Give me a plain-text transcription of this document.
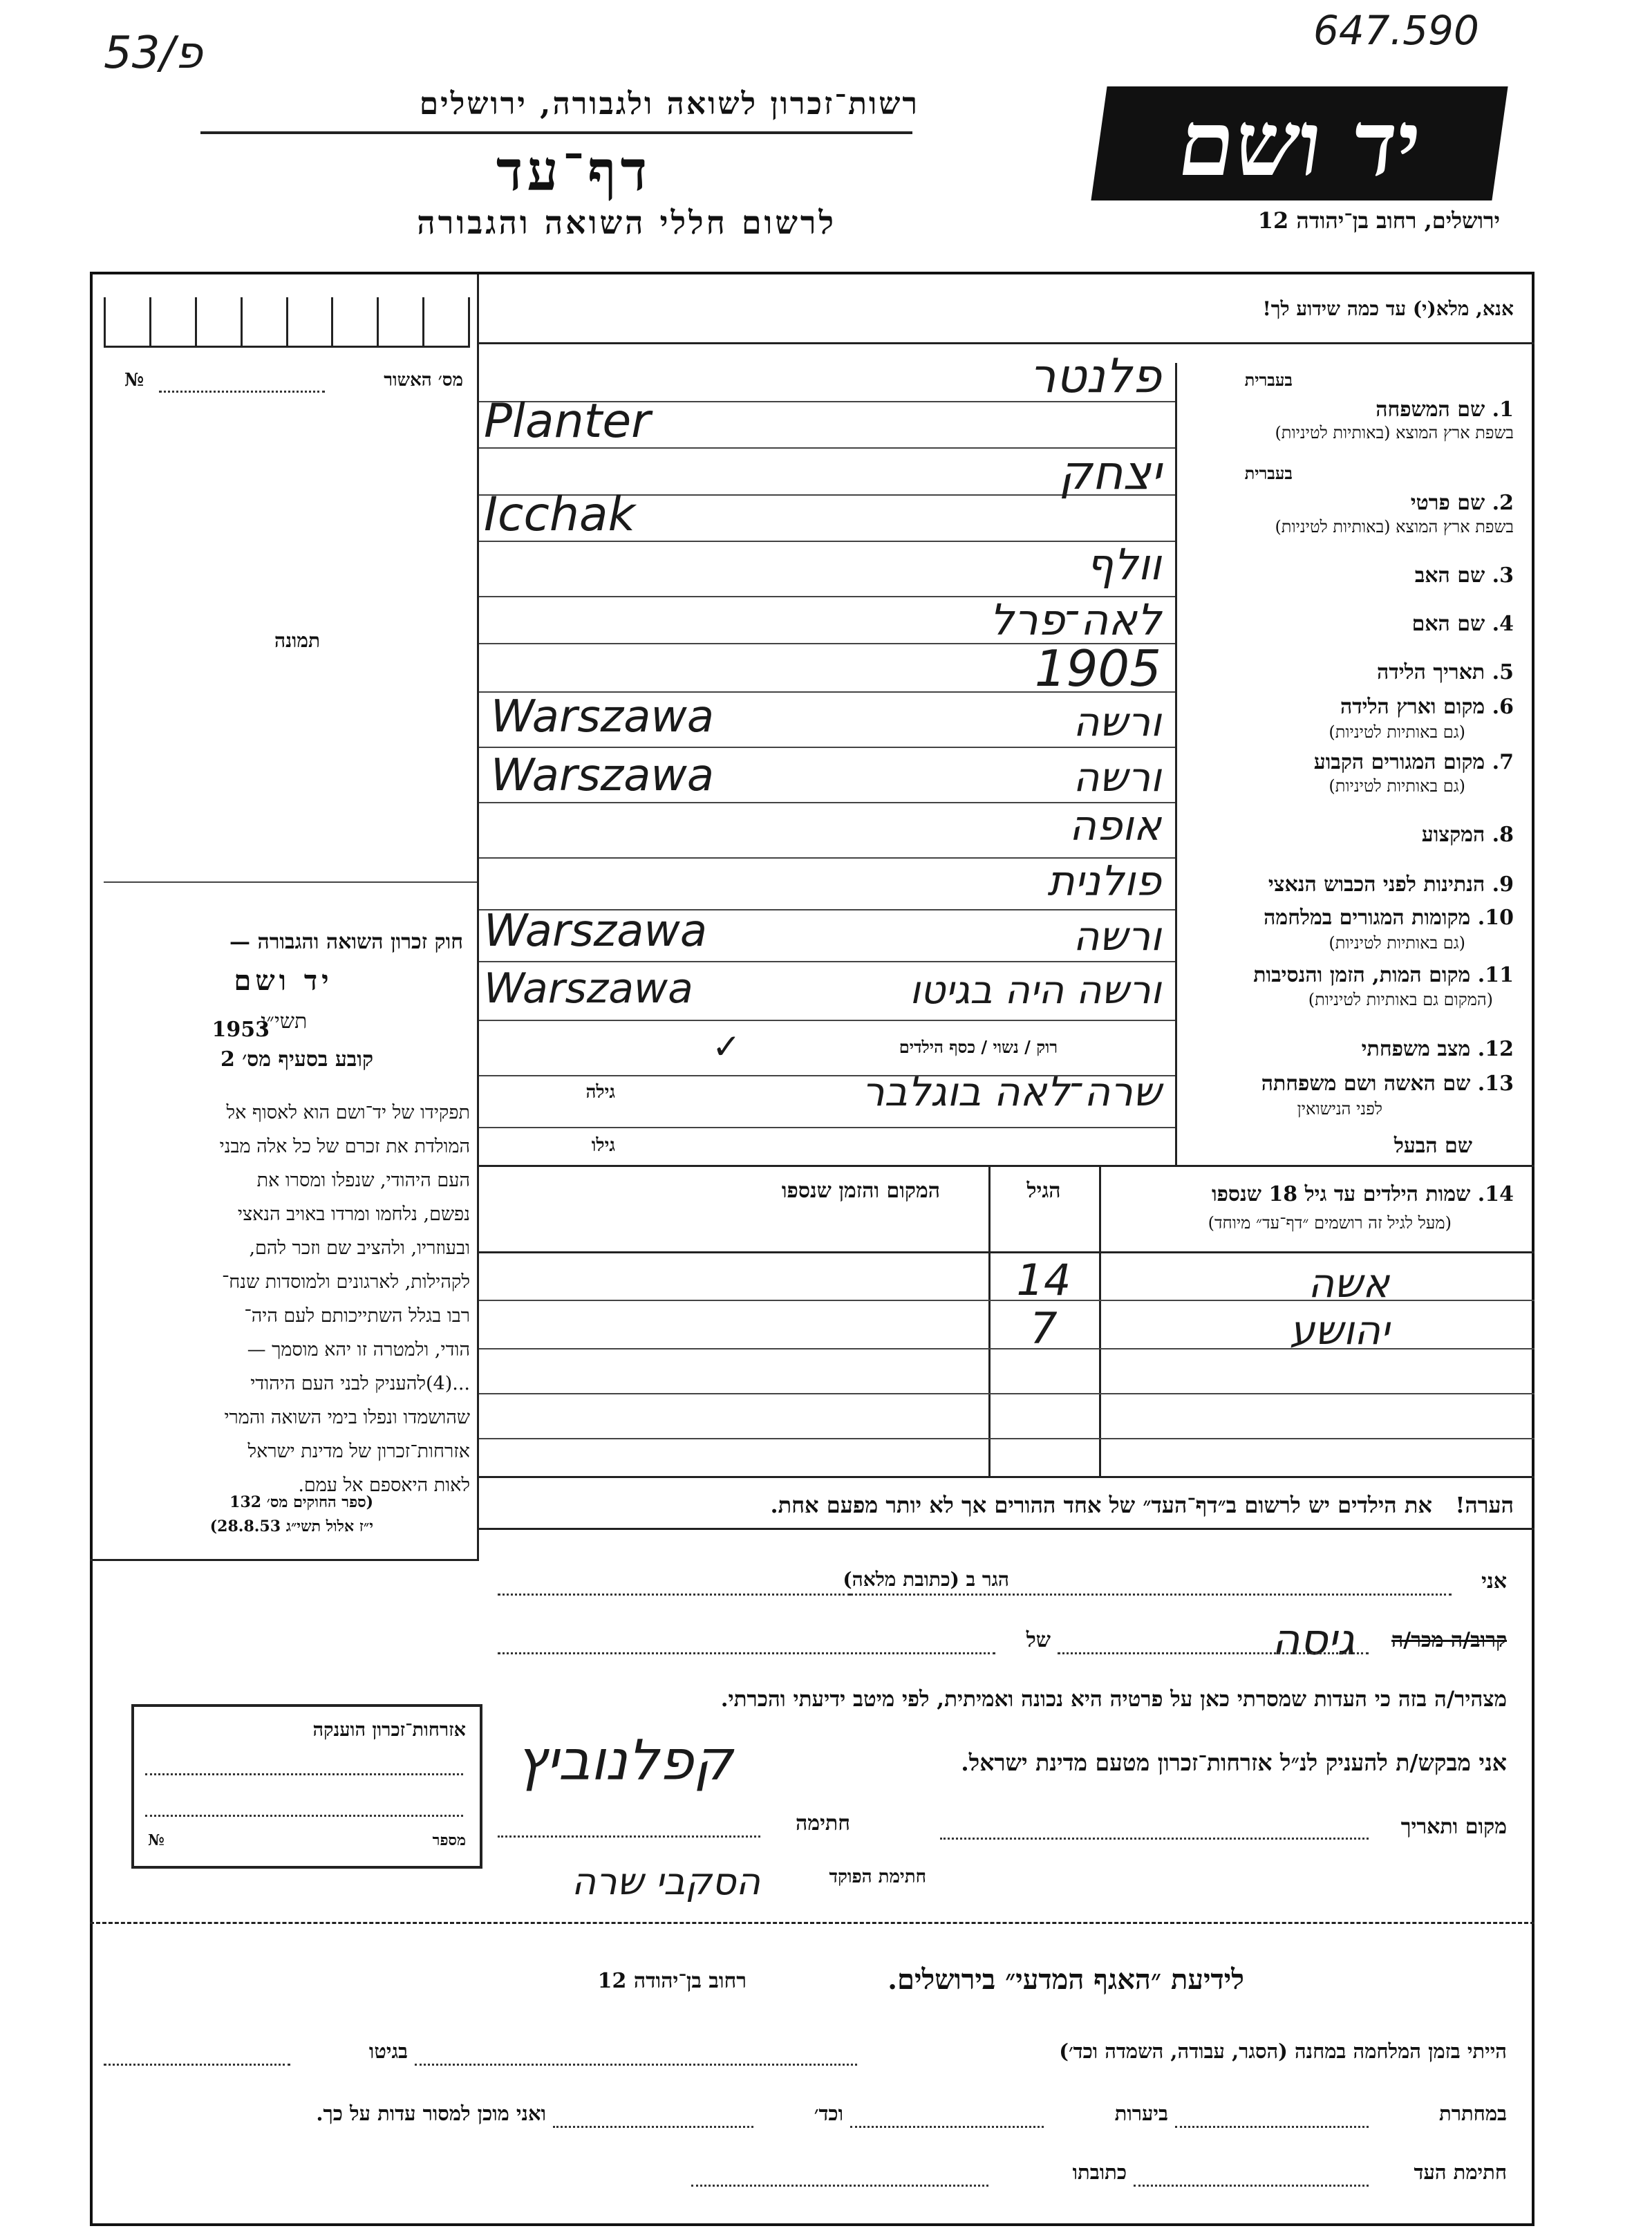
53/פ	647.590
רשות־זכרון לשואה ולגבורה, ירושלים
דף־עד
לרשום חללי השואה והגבורה
יד ושם
ירושלים, רחוב בן־יהודה 12
מס׳ האשור
№
תמונה
חוק זכרון השואה והגבורה —
יד ושם
תשי״ג
1953
קובע בסעיף מס׳ 2
תפקידו של יד־ושם הוא לאסוף אל
המולדת את זכרם של כל אלה מבני
העם היהודי, שנפלו ומסרו את
נפשם, נלחמו ומרדו באויב הנאצי
ובעוזריו, ולהציב שם וזכר להם,
לקהילות, לארגונים ולמוסדות שנח־
רבו בגלל השתייכותם לעם היה־
הודי, ולמטרה זו יהא מוסמך —
...(4)להעניק לבני העם היהודי
שהושמדו ונפלו בימי השואה והמרי
אזרחות־זכרון של מדינת ישראל
לאות היאספם אל עמם.
(ספר החוקים מס׳ 132
י״ז אלול תשי״ג 28.8.53)
אנא, מלא(י) עד כמה שידוע לך!
בעברית
1. שם המשפחה
בשפת ארץ המוצא (באותיות לטיניות)
פלנטר
Planter
בעברית
2. שם פרטי
בשפת ארץ המוצא (באותיות לטיניות)
יצחק
Icchak
3. שם האב
וולף
4. שם האם
לאה־פרל
5. תאריך הלידה
1905
6. מקום וארץ הלידה
(גם באותיות לטיניות)
ורשה
Warszawa
7. מקום המגורים הקבוע
(גם באותיות לטיניות)
ורשה
Warszawa
8. המקצוע
אופה
9. הנתינות לפני הכבוש הנאצי
פולנית
10. מקומות המגורים במלחמה
(גם באותיות לטיניות)
ורשה
Warszawa
11. מקום המות, הזמן והנסיבות
(המקום גם באותיות לטיניות)
ורשה היה בגיטו
Warszawa
12. מצב משפחתי
רוק / נשוי / כסף הילדים
✓
13. שם האשה ושם משפחתה
לפני הנישואין
גילה	שרה־לאה בוגלבר
שם הבעל
גילו
14. שמות הילדים עד גיל 18 שנספו
(מעל לגיל זה רושמים ״דף־עד״ מיוחד)
הגיל
המקום והזמן שנספו
אשה
14
יהושע
7
הערה!   את הילדים יש לרשום ב״דף־העד״ של אחד ההורים אך לא יותר מפעם אחת.
אני
הגר ב (כתובת מלאה)
קרוב/ה מכר/ה
גיסה
של
מצהיר/ה בזה כי העדות שמסרתי כאן על פרטיה היא נכונה ואמיתית, לפי מיטב ידיעתי והכרתי.
אני מבקש/ת להעניק לנ״ל אזרחות־זכרון מטעם מדינת ישראל.
קפלנוביץ
מקום ותאריך
חתימה
חתימת הפוקד
הסקבי שרה
אזרחות־זכרון הוענקה
מספר
№
לידיעת ״האגף המדעי״ בירושלים.
רחוב בן־יהודה 12
הייתי בזמן המלחמה במחנה (הסגר, עבודה, השמדה וכד׳)
בגיטו
במחתרת
ביערות
וכד׳
ואני מוכן למסור עדות על כך.
חתימת העד
כתובתו
